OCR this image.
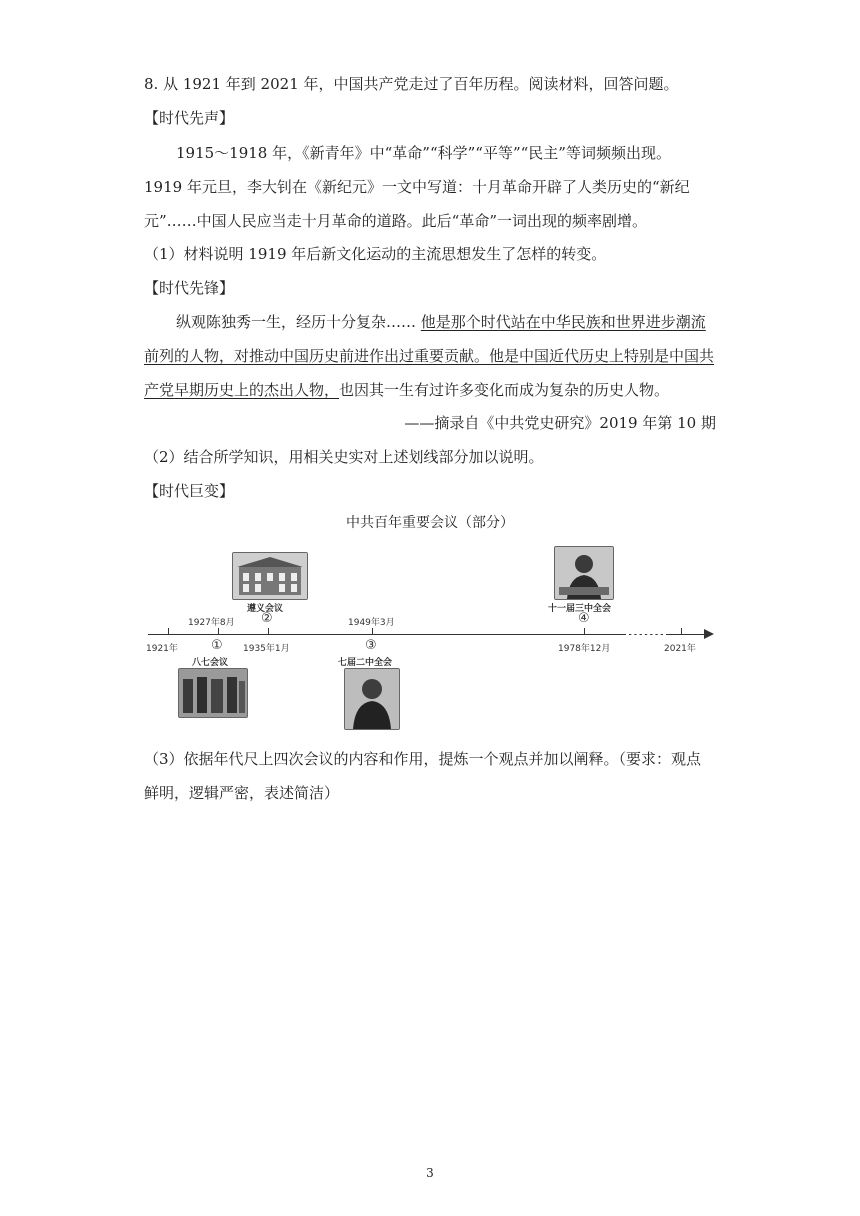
8. 从 1921 年到 2021 年，中国共产党走过了百年历程。阅读材料，回答问题。
【时代先声】
1915～1918 年，《新青年》中“革命”“科学”“平等”“民主”等词频频出现。
1919 年元旦，李大钊在《新纪元》一文中写道：十月革命开辟了人类历史的“新纪
元”……中国人民应当走十月革命的道路。此后“革命”一词出现的频率剧增。
（1）材料说明 1919 年后新文化运动的主流思想发生了怎样的转变。
【时代先锋】
纵观陈独秀一生，经历十分复杂…… 他是那个时代站在中华民族和世界进步潮流
前列的人物，对推动中国历史前进作出过重要贡献。他是中国近代历史上特别是中国共
产党早期历史上的杰出人物，也因其一生有过许多变化而成为复杂的历史人物。
——摘录自《中共党史研究》2019 年第 10 期
（2）结合所学知识，用相关史实对上述划线部分加以说明。
【时代巨变】
中共百年重要会议（部分）
1921年	2021年
1927年8月
①
八七会议
遵义会议
②
1935年1月
1949年3月
③
七届二中全会
十一届三中全会
④
1978年12月
（3）依据年代尺上四次会议的内容和作用，提炼一个观点并加以阐释。（要求：观点
鲜明，逻辑严密，表述简洁）
3
